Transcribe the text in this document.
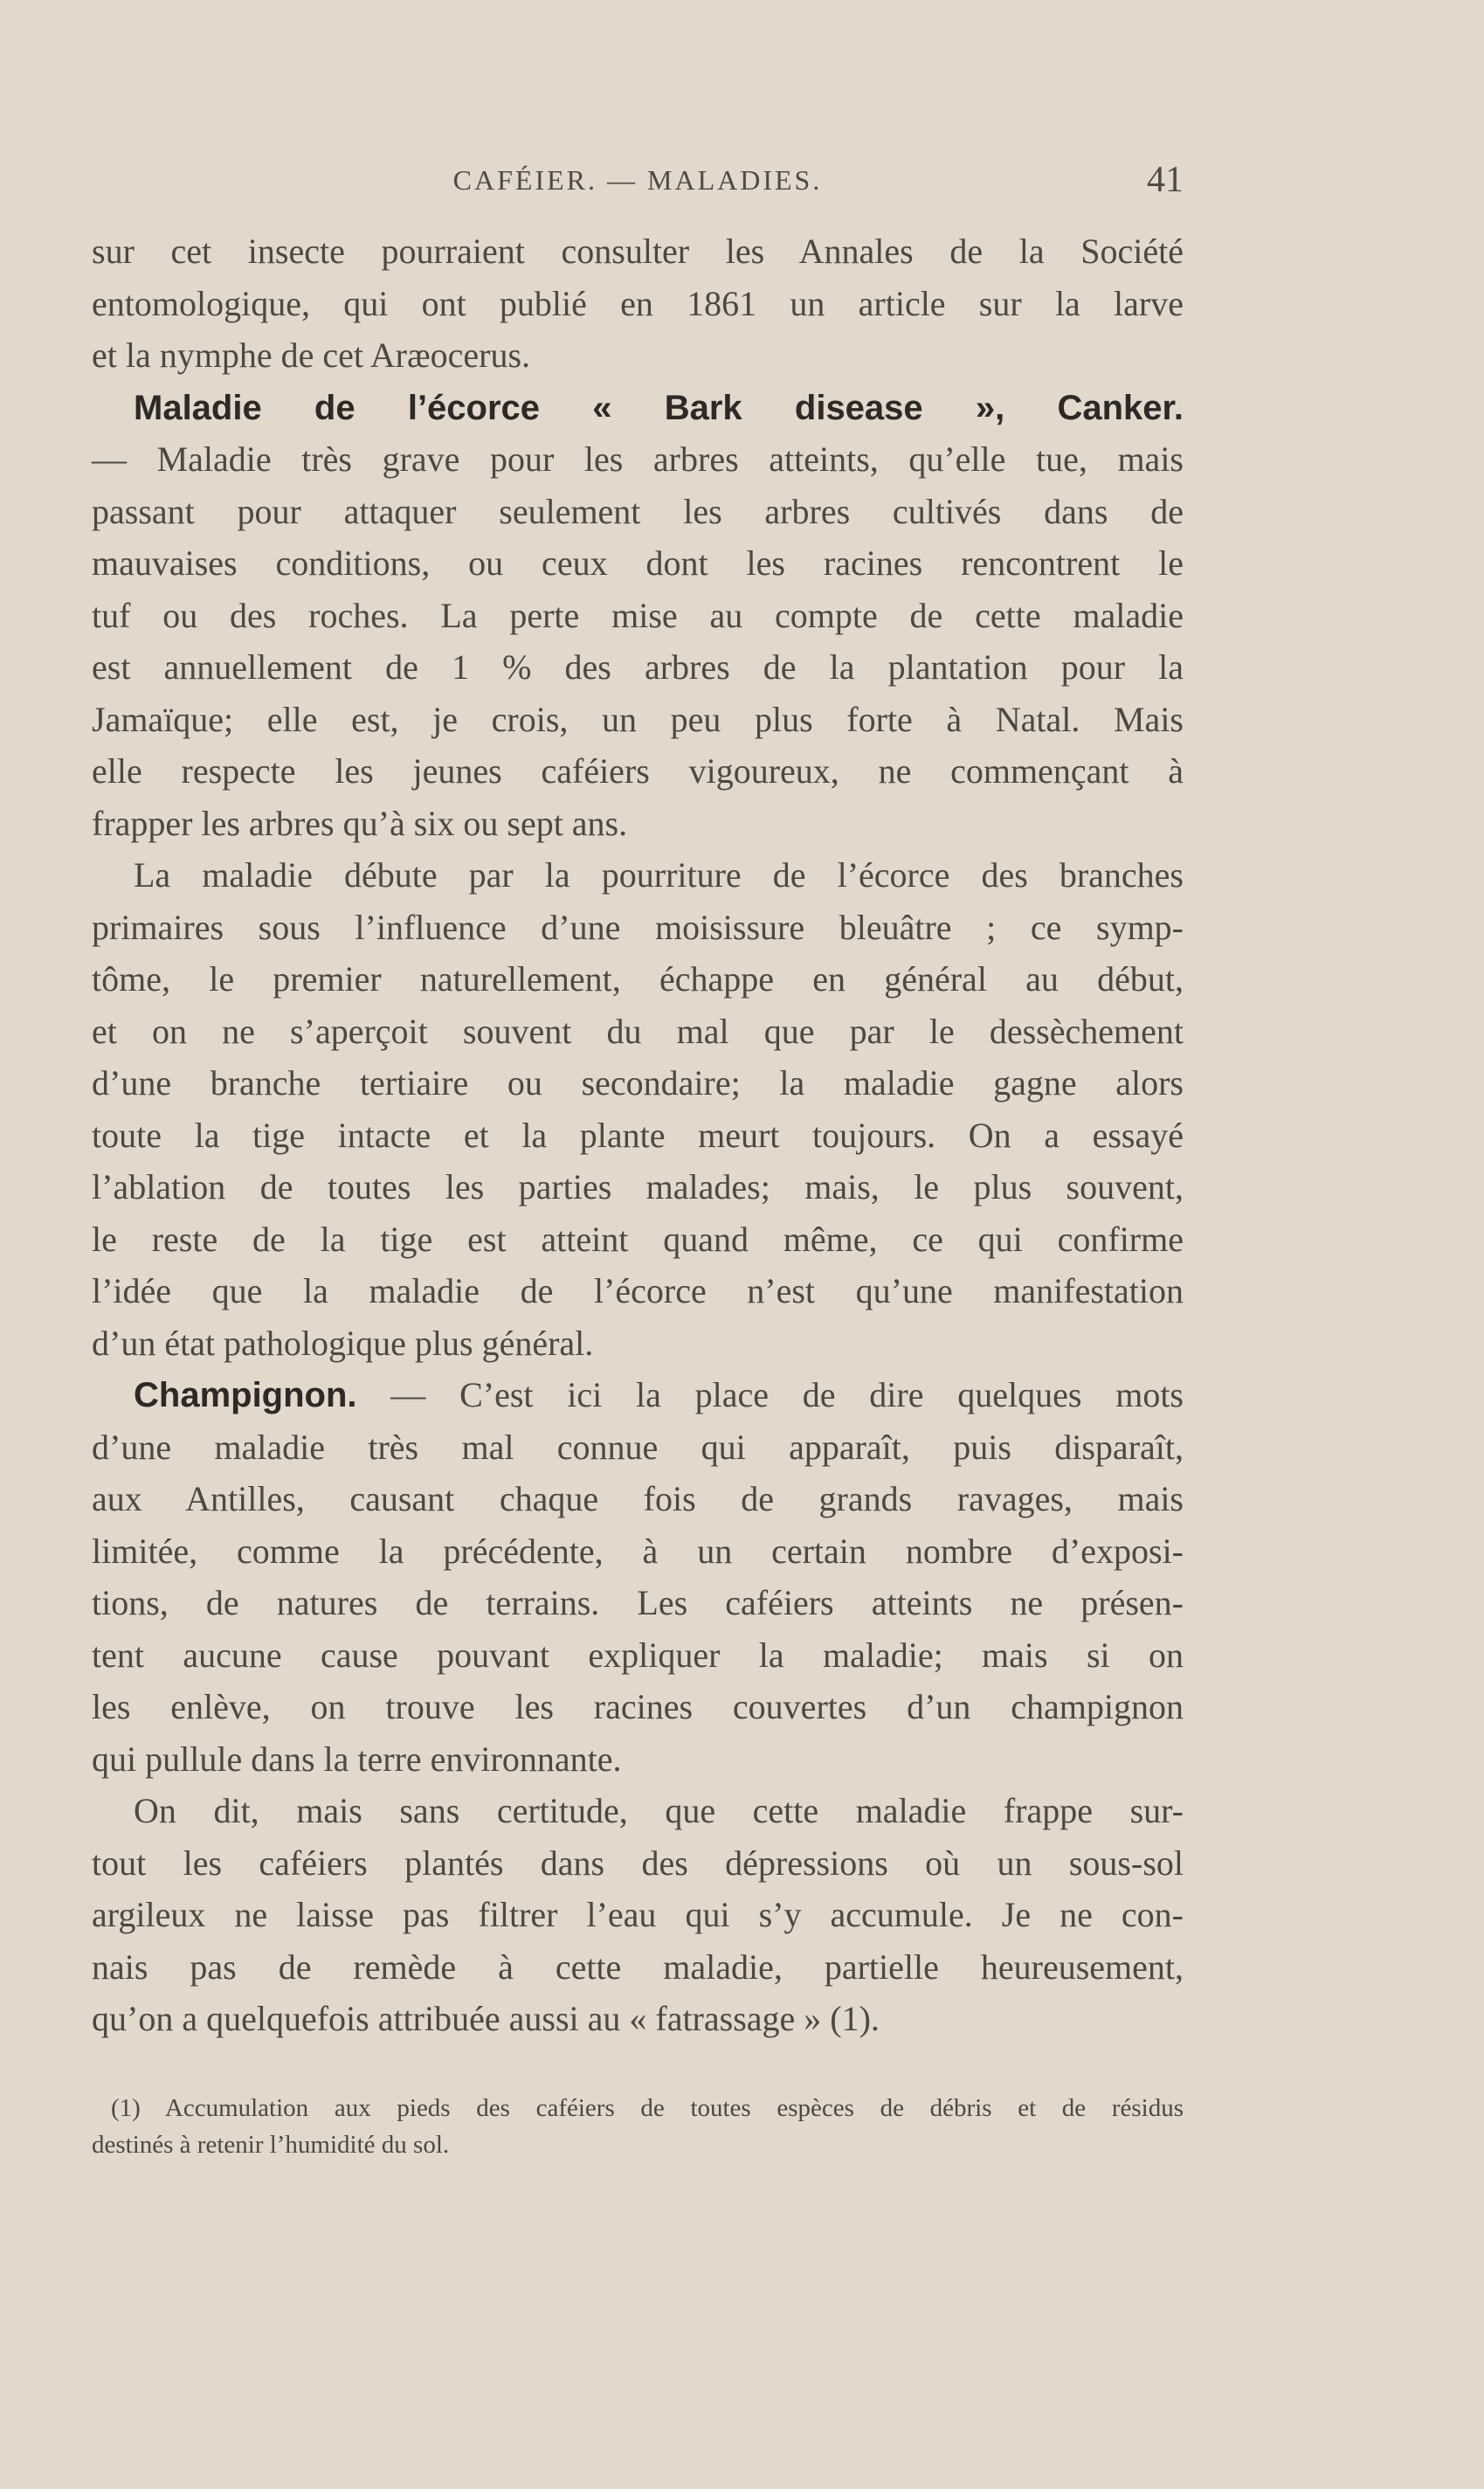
CAFÉIER. — MALADIES.	41
sur cet insecte pourraient consulter les Annales de la Société
entomologique, qui ont publié en 1861 un article sur la larve
et la nymphe de cet Aræocerus.
Maladie de l’écorce « Bark disease », Canker.
— Maladie très grave pour les arbres atteints, qu’elle tue, mais
passant pour attaquer seulement les arbres cultivés dans de
mauvaises conditions, ou ceux dont les racines rencontrent le
tuf ou des roches. La perte mise au compte de cette maladie
est annuellement de 1 % des arbres de la plantation pour la
Jamaïque; elle est, je crois, un peu plus forte à Natal. Mais
elle respecte les jeunes caféiers vigoureux, ne commençant à
frapper les arbres qu’à six ou sept ans.
La maladie débute par la pourriture de l’écorce des branches
primaires sous l’influence d’une moisissure bleuâtre ; ce symp-
tôme, le premier naturellement, échappe en général au début,
et on ne s’aperçoit souvent du mal que par le dessèchement
d’une branche tertiaire ou secondaire; la maladie gagne alors
toute la tige intacte et la plante meurt toujours. On a essayé
l’ablation de toutes les parties malades; mais, le plus souvent,
le reste de la tige est atteint quand même, ce qui confirme
l’idée que la maladie de l’écorce n’est qu’une manifestation
d’un état pathologique plus général.
Champignon. — C’est ici la place de dire quelques mots
d’une maladie très mal connue qui apparaît, puis disparaît,
aux Antilles, causant chaque fois de grands ravages, mais
limitée, comme la précédente, à un certain nombre d’exposi-
tions, de natures de terrains. Les caféiers atteints ne présen-
tent aucune cause pouvant expliquer la maladie; mais si on
les enlève, on trouve les racines couvertes d’un champignon
qui pullule dans la terre environnante.
On dit, mais sans certitude, que cette maladie frappe sur-
tout les caféiers plantés dans des dépressions où un sous-sol
argileux ne laisse pas filtrer l’eau qui s’y accumule. Je ne con-
nais pas de remède à cette maladie, partielle heureusement,
qu’on a quelquefois attribuée aussi au « fatrassage » (1).
(1) Accumulation aux pieds des caféiers de toutes espèces de débris et de résidus
destinés à retenir l’humidité du sol.
